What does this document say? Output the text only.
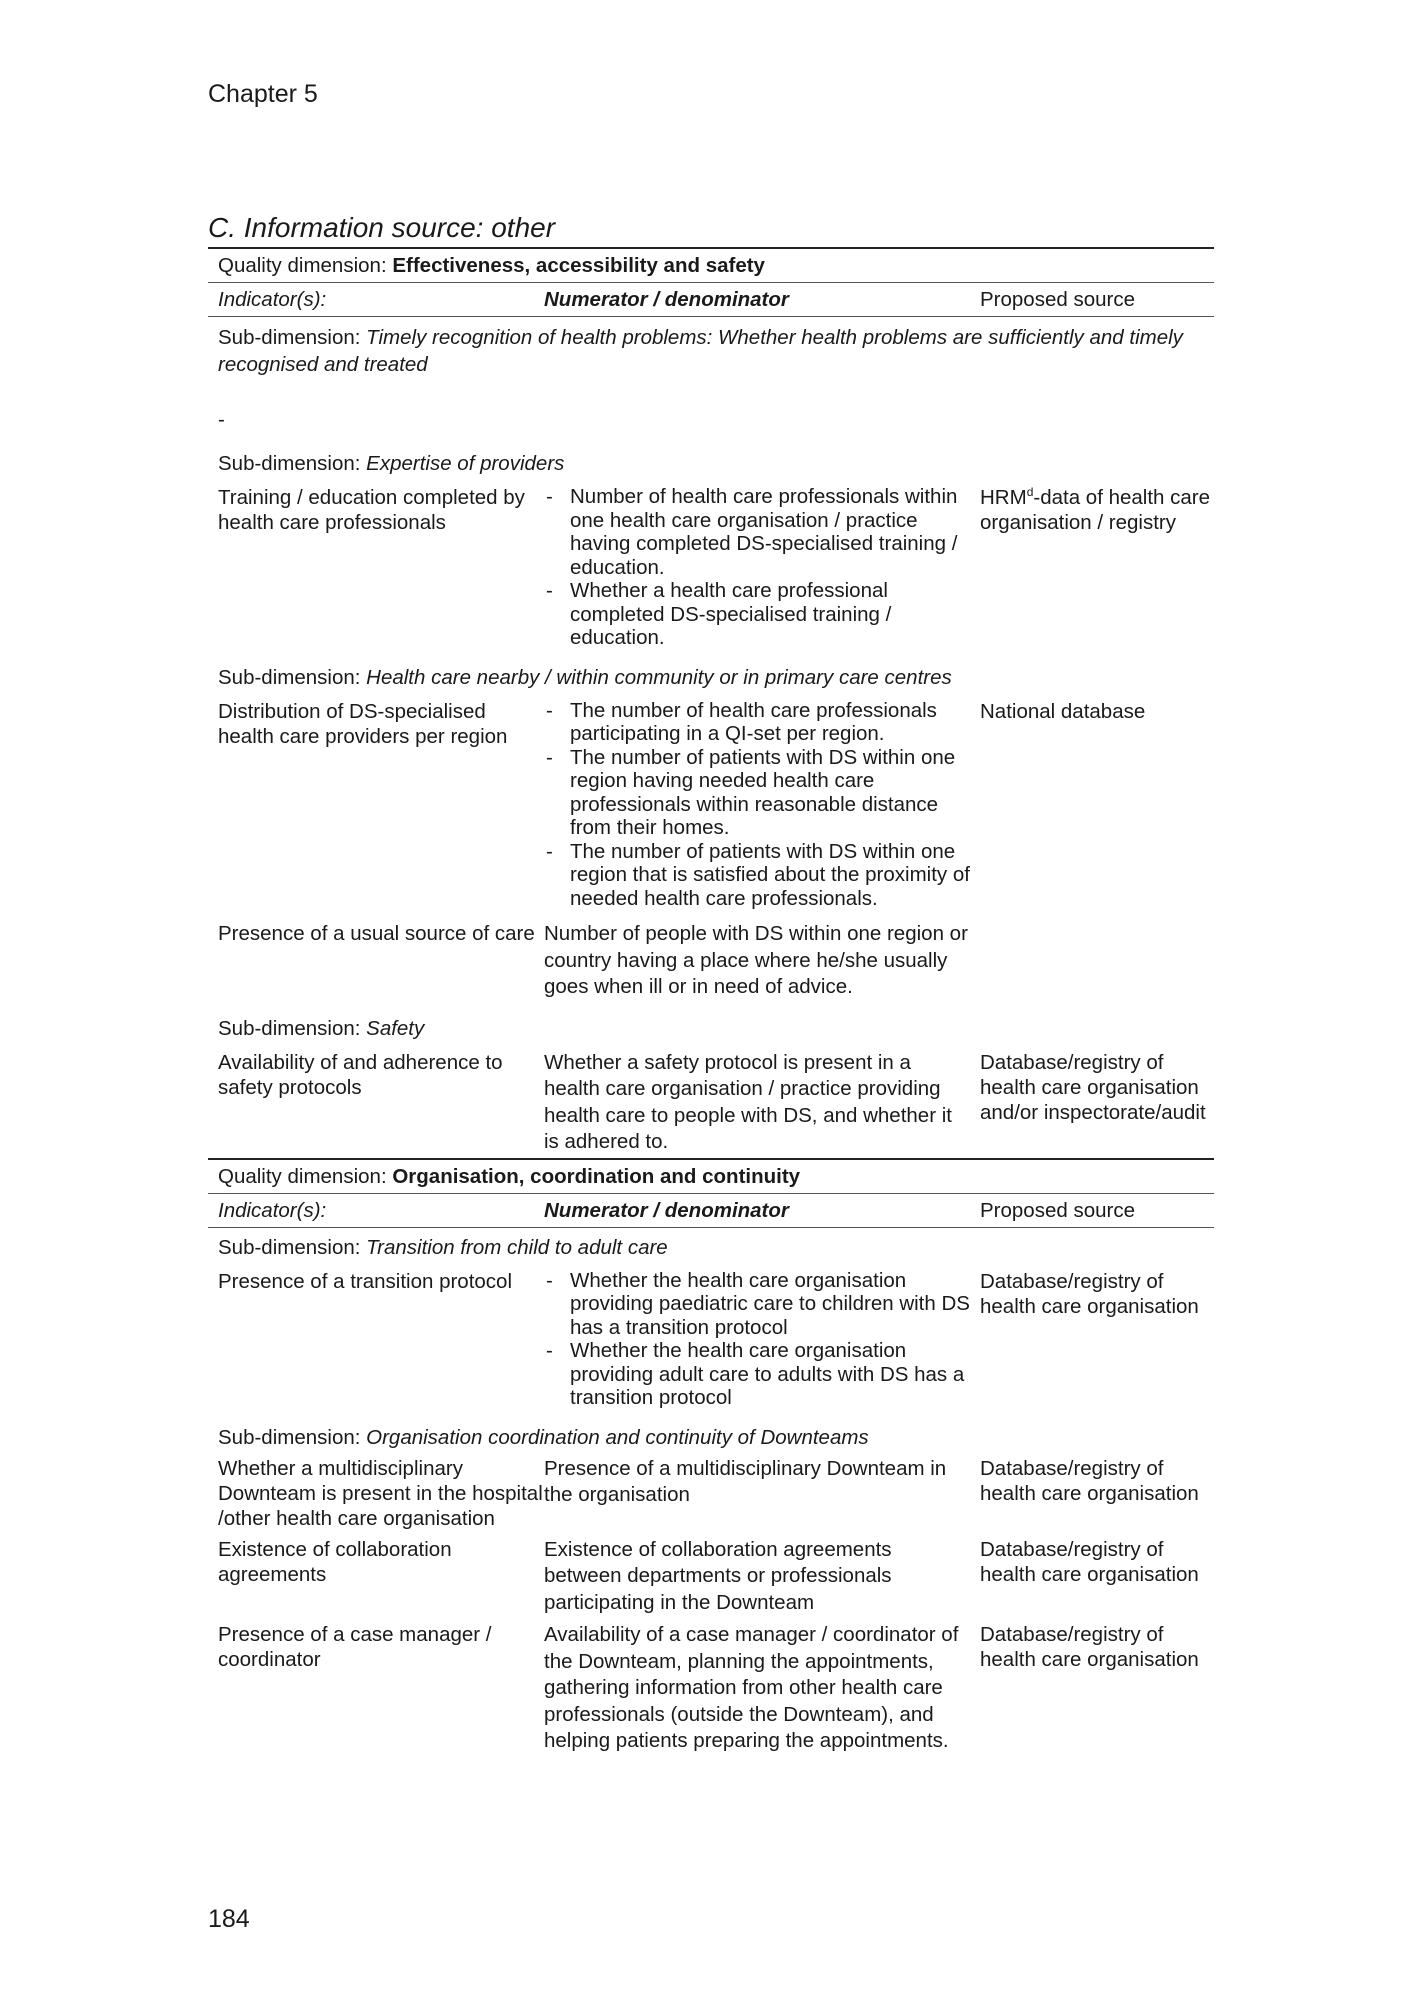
Chapter 5
C. Information source: other
Quality dimension:
Effectiveness, accessibility and safety
Indicator(s):	Numerator / denominator	Proposed source
Sub-dimension: Timely recognition of health problems: Whether health problems are sufficiently and timely recognised and treated
-
Sub-dimension: Expertise of providers
Training / education completed by health care professionals
- Number of health care professionals within one health care organisation / practice having completed DS-specialised training / education.
- Whether a health care professional completed DS-specialised training / education.
HRM$^d$-data of health care organisation / registry
Sub-dimension: Health care nearby / within community or in primary care centres
Distribution of DS-specialised health care providers per region
- The number of health care professionals participating in a QI-set per region.
- The number of patients with DS within one region having needed health care professionals within reasonable distance from their homes.
- The number of patients with DS within one region that is satisfied about the proximity of needed health care professionals.
National database
Presence of a usual source of care Number of people with DS within one region or country having a place where he/she usually goes when ill or in need of advice.
Sub-dimension: Safety
Availability of and adherence to safety protocols
Whether a safety protocol is present in a health care organisation / practice providing health care to people with DS, and whether it is adhered to.
Database/registry of health care organisation and/or inspectorate/audit
Quality dimension:
Organisation, coordination and continuity
Indicator(s):	Numerator / denominator	Proposed source
Sub-dimension: Transition from child to adult care
Presence of a transition protocol
-	Whether the health care organisation providing paediatric care to children with DS has a transition protocol
- Whether the health care organisation providing adult care to adults with DS has a transition protocol
Database/registry of health care organisation
Sub-dimension: Organisation coordination and continuity of Downteams
Whether a multidisciplinary Downteam is present in the hospital /other health care organisation
Presence of a multidisciplinary Downteam in the organisation
Database/registry of health care organisation
Existence of collaboration agreements
Existence of collaboration agreements between departments or professionals participating in the Downteam
Database/registry of health care organisation
Presence of a case manager / coordinator
Availability of a case manager / coordinator of the Downteam, planning the appointments, gathering information from other health care professionals (outside the Downteam), and helping patients preparing the appointments.
Database/registry of health care organisation
184
